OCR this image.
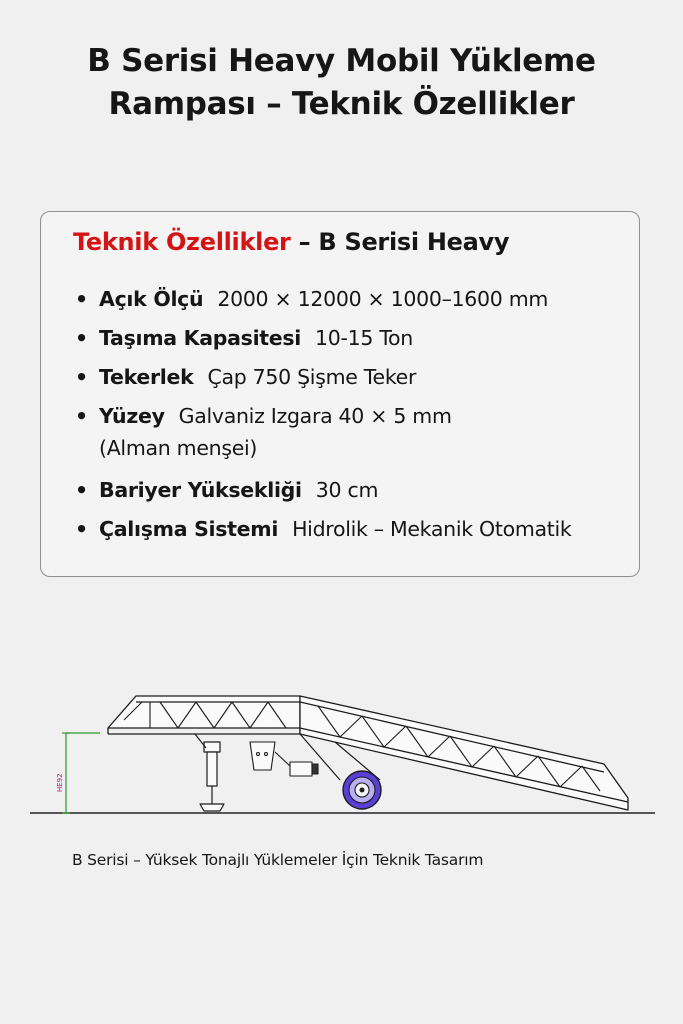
B Serisi Heavy Mobil Yükleme
Rampası – Teknik Özellikler
Teknik Özellikler – B Serisi Heavy
• Açık Ölçü 2000 × 12000 × 1000–1600 mm
• Taşıma Kapasitesi 10-15 Ton
• Tekerlek Çap 750 Şişme Teker
• Yüzey Galvaniz Izgara 40 × 5 mm
(Alman menşei)
• Bariyer Yüksekliği 30 cm
• Çalışma Sistemi Hidrolik – Mekanik Otomatik
HE92
B Serisi – Yüksek Tonajlı Yüklemeler İçin Teknik Tasarım
